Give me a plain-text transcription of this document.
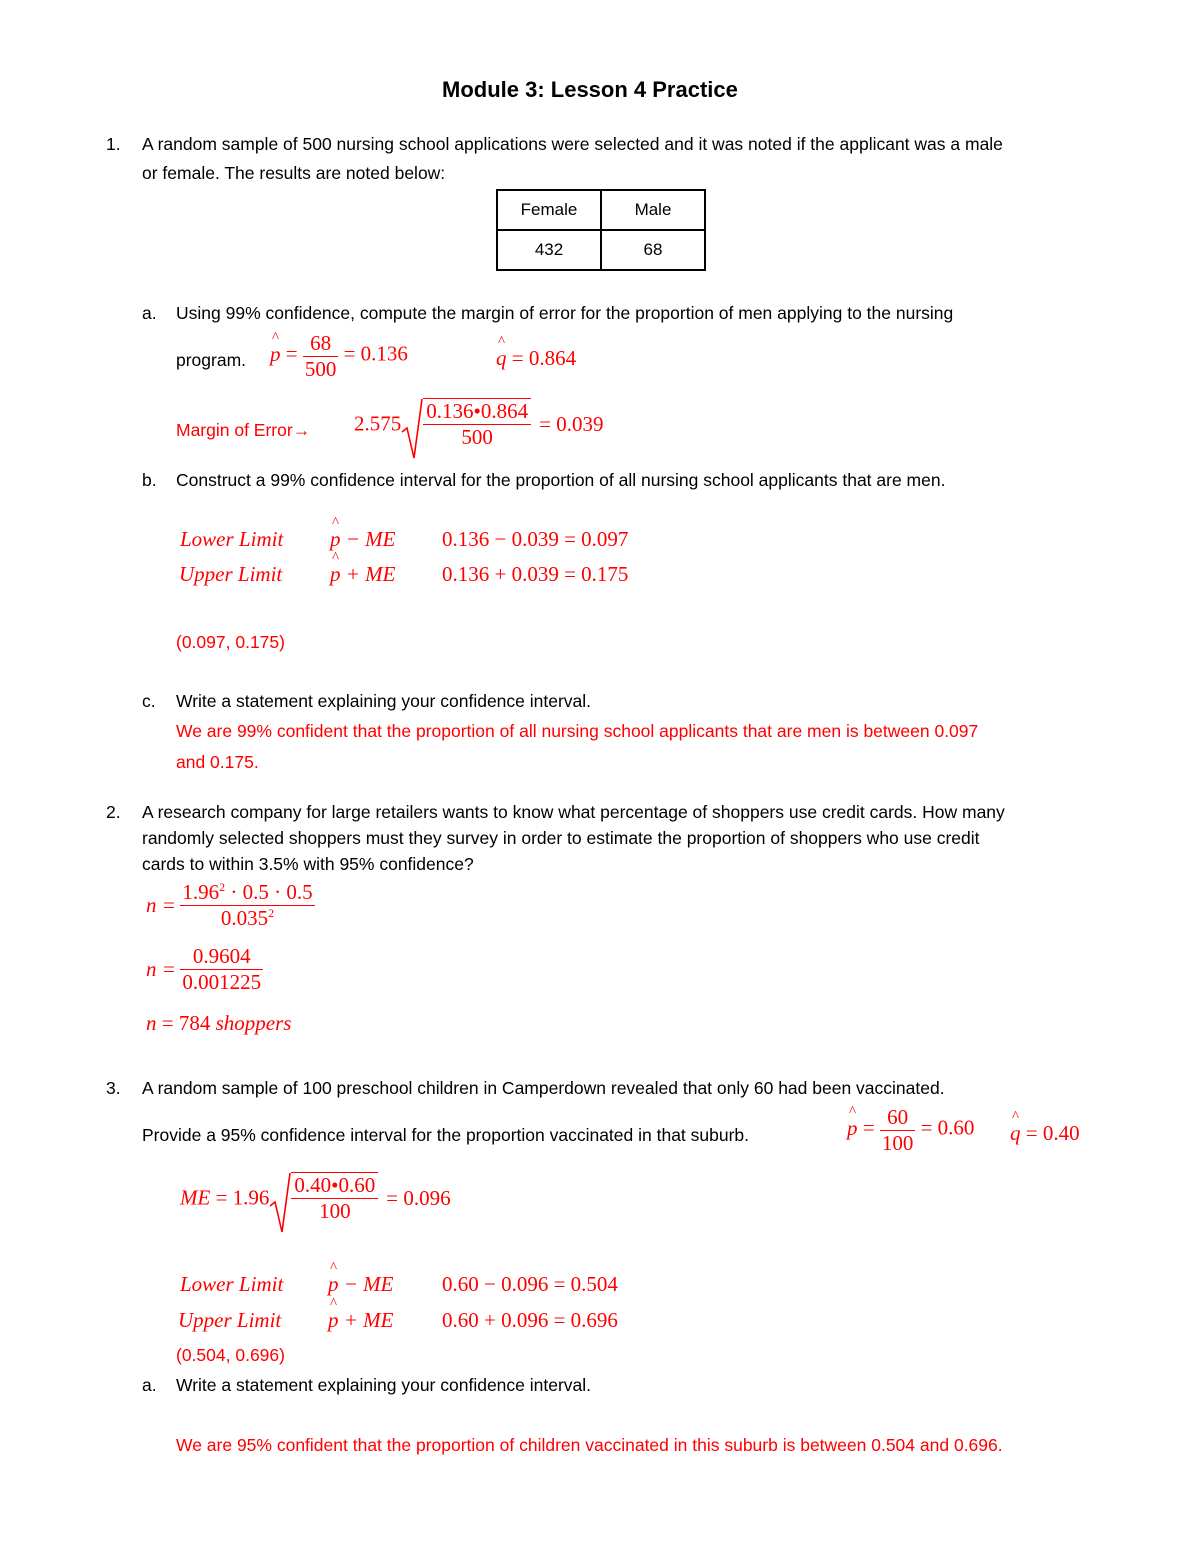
Module 3: Lesson 4 Practice
1. A random sample of 500 nursing school applications were selected and it was noted if the applicant was a male
or female. The results are noted below:
Female	Male
432	68
a. Using 99% confidence, compute the margin of error for the proportion of men applying to the nursing
program. ^ $p = \frac{68}{500} = 0.136$	^ q = 0.864
Margin of Error→ $2.575 \frac{0.136•0.864}{500} = 0.039$
b. Construct a 99% confidence interval for the proportion of all nursing school applicants that are men.
Lower Limit ^ p − ME 0.136 − 0.039 = 0.097
Upper Limit ^ p + ME 0.136 + 0.039 = 0.175
(0.097, 0.175)
c. Write a statement explaining your confidence interval.
We are 99% confident that the proportion of all nursing school applicants that are men is between 0.097
and 0.175.
2. A research company for large retailers wants to know what percentage of shoppers use credit cards. How many
randomly selected shoppers must they survey in order to estimate the proportion of shoppers who use credit
cards to within 3.5% with 95% confidence?
$n = \frac{1.96^2 \cdot 0.5 \cdot 0.5}{0.035^2}$
$n = \frac{0.9604}{0.001225}$
n = 784 shoppers
3. A random sample of 100 preschool children in Camperdown revealed that only 60 had been vaccinated.
Provide a 95% confidence interval for the proportion vaccinated in that suburb.	^ $p = \frac{60}{100} = 0.60$ ^ q = 0.40
ME = $1.96 \frac{0.40•0.60}{100} = 0.096$
Lower Limit ^ p − ME 0.60 − 0.096 = 0.504
Upper Limit ^ p + ME 0.60 + 0.096 = 0.696
(0.504, 0.696)
a. Write a statement explaining your confidence interval.
We are 95% confident that the proportion of children vaccinated in this suburb is between 0.504 and 0.696.
